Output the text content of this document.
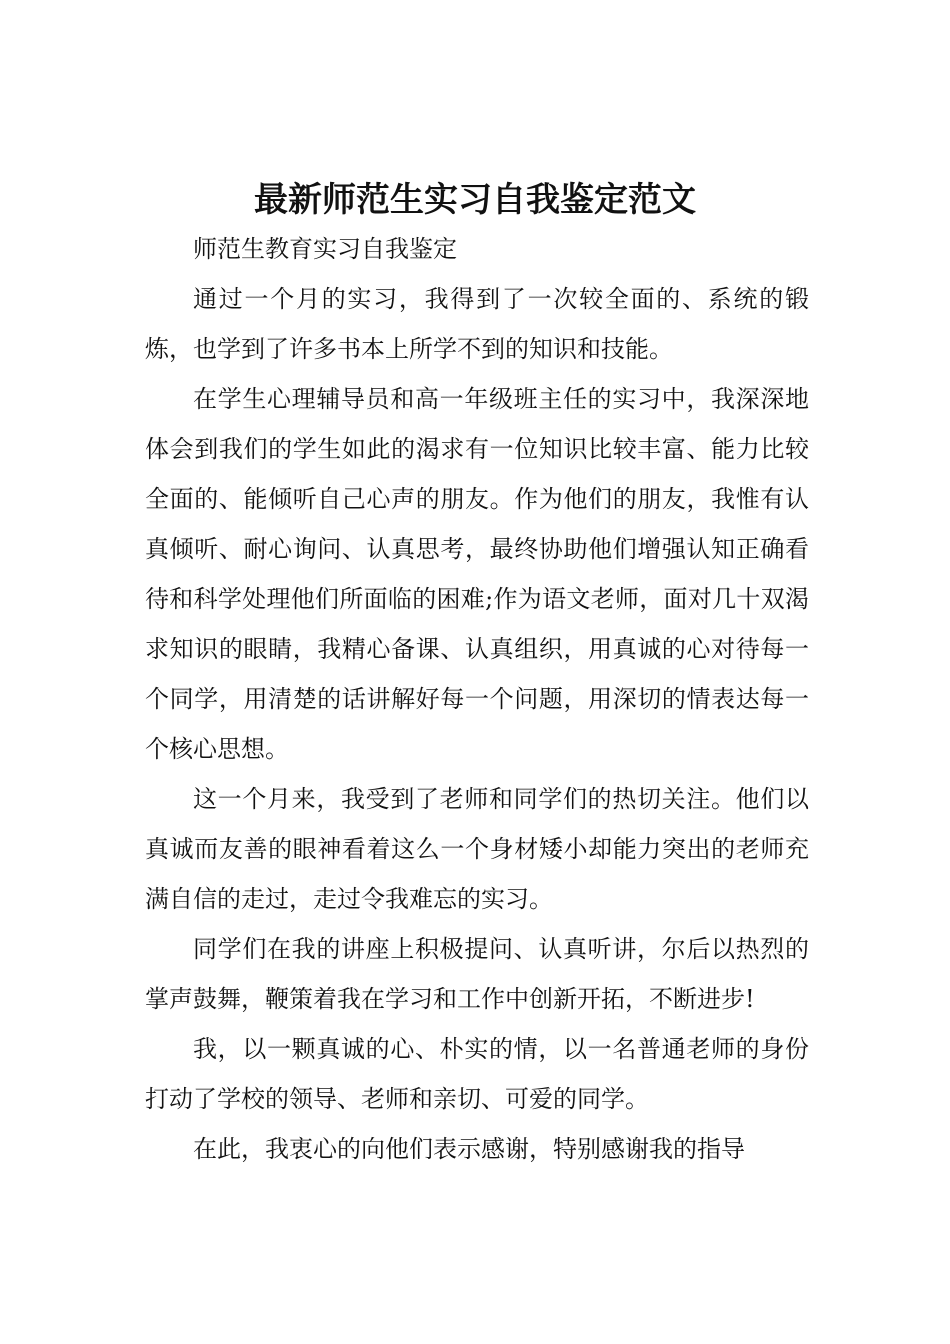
最新师范生实习自我鉴定范文

师范生教育实习自我鉴定

通过一个月的实习，我得到了一次较全面的、系统的锻炼，也学到了许多书本上所学不到的知识和技能。

在学生心理辅导员和高一年级班主任的实习中，我深深地体会到我们的学生如此的渴求有一位知识比较丰富、能力比较全面的、能倾听自己心声的朋友。作为他们的朋友，我惟有认真倾听、耐心询问、认真思考，最终协助他们增强认知正确看待和科学处理他们所面临的困难;作为语文老师，面对几十双渴求知识的眼睛，我精心备课、认真组织，用真诚的心对待每一个同学，用清楚的话讲解好每一个问题，用深切的情表达每一个核心思想。

这一个月来，我受到了老师和同学们的热切关注。他们以真诚而友善的眼神看着这么一个身材矮小却能力突出的老师充满自信的走过，走过令我难忘的实习。

同学们在我的讲座上积极提问、认真听讲，尔后以热烈的掌声鼓舞，鞭策着我在学习和工作中创新开拓，不断进步!

我，以一颗真诚的心、朴实的情，以一名普通老师的身份打动了学校的领导、老师和亲切、可爱的同学。

在此，我衷心的向他们表示感谢，特别感谢我的指导
